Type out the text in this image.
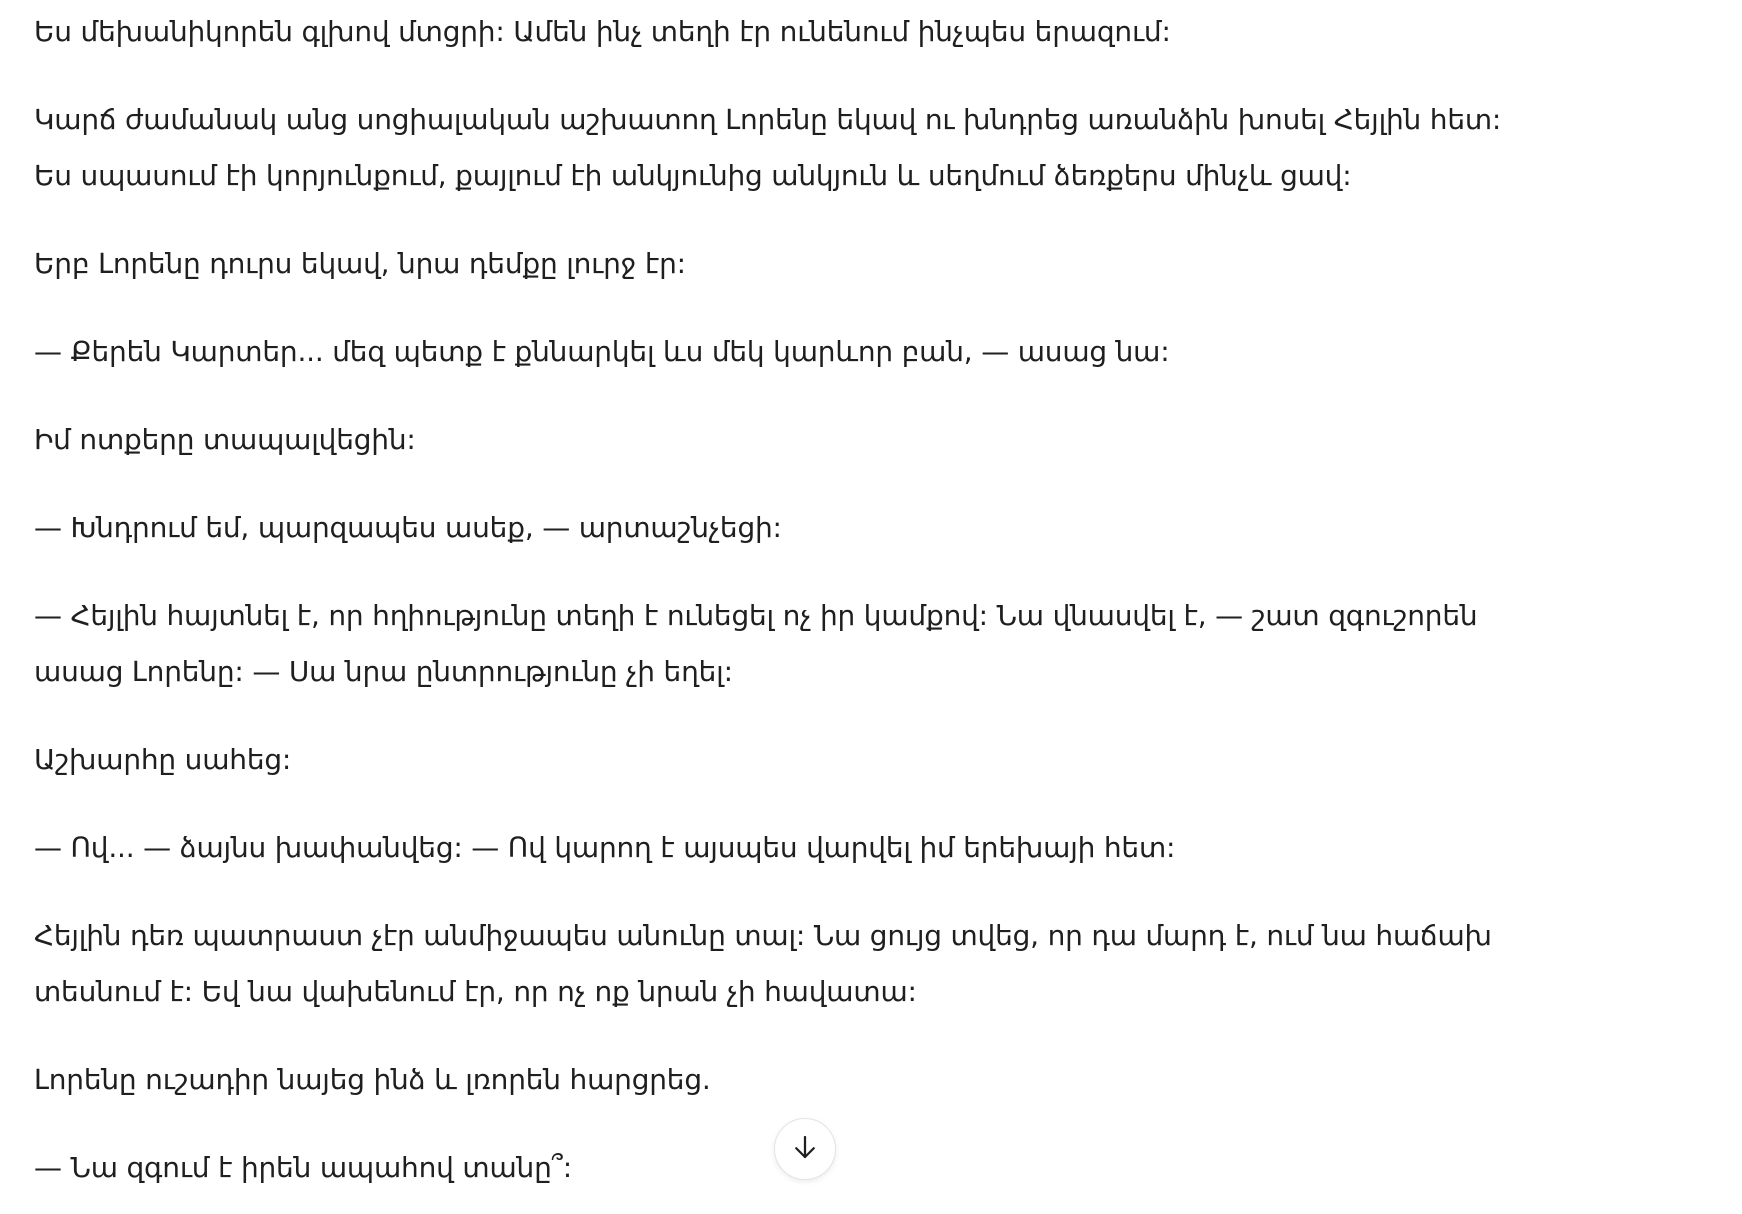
Ես մեխանիկորեն գլխով մտցրի: Ամեն ինչ տեղի էր ունենում ինչպես երազում:

Կարճ ժամանակ անց սոցիալական աշխատող Լորենը եկավ ու խնդրեց առանձին խոսել Հեյլին հետ:
Ես սպասում էի կորյունքում, քայլում էի անկյունից անկյուն և սեղմում ձեռքերս մինչև ցավ:

Երբ Լորենը դուրս եկավ, նրա դեմքը լուրջ էր:

— Քերեն Կարտեր... մեզ պետք է քննարկել ևս մեկ կարևոր բան, — ասաց նա:

Իմ ոտքերը տապալվեցին:

— Խնդրում եմ, պարզապես ասեք, — արտաշնչեցի:

— Հեյլին հայտնել է, որ հղիությունը տեղի է ունեցել ոչ իր կամքով: Նա վնասվել է, — շատ զգուշորեն
ասաց Լորենը: — Սա նրա ընտրությունը չի եղել:

Աշխարհը սահեց:

— Ով... — ձայնս խափանվեց: — Ով կարող է այսպես վարվել իմ երեխայի հետ:

Հեյլին դեռ պատրաստ չէր անմիջապես անունը տալ: Նա ցույց տվեց, որ դա մարդ է, ում նա հաճախ
տեսնում է: Եվ նա վախենում էր, որ ոչ ոք նրան չի հավատա:

Լորենը ուշադիր նայեց ինձ և լռորեն հարցրեց.

— Նա զգում է իրեն ապահով տանը՞:
